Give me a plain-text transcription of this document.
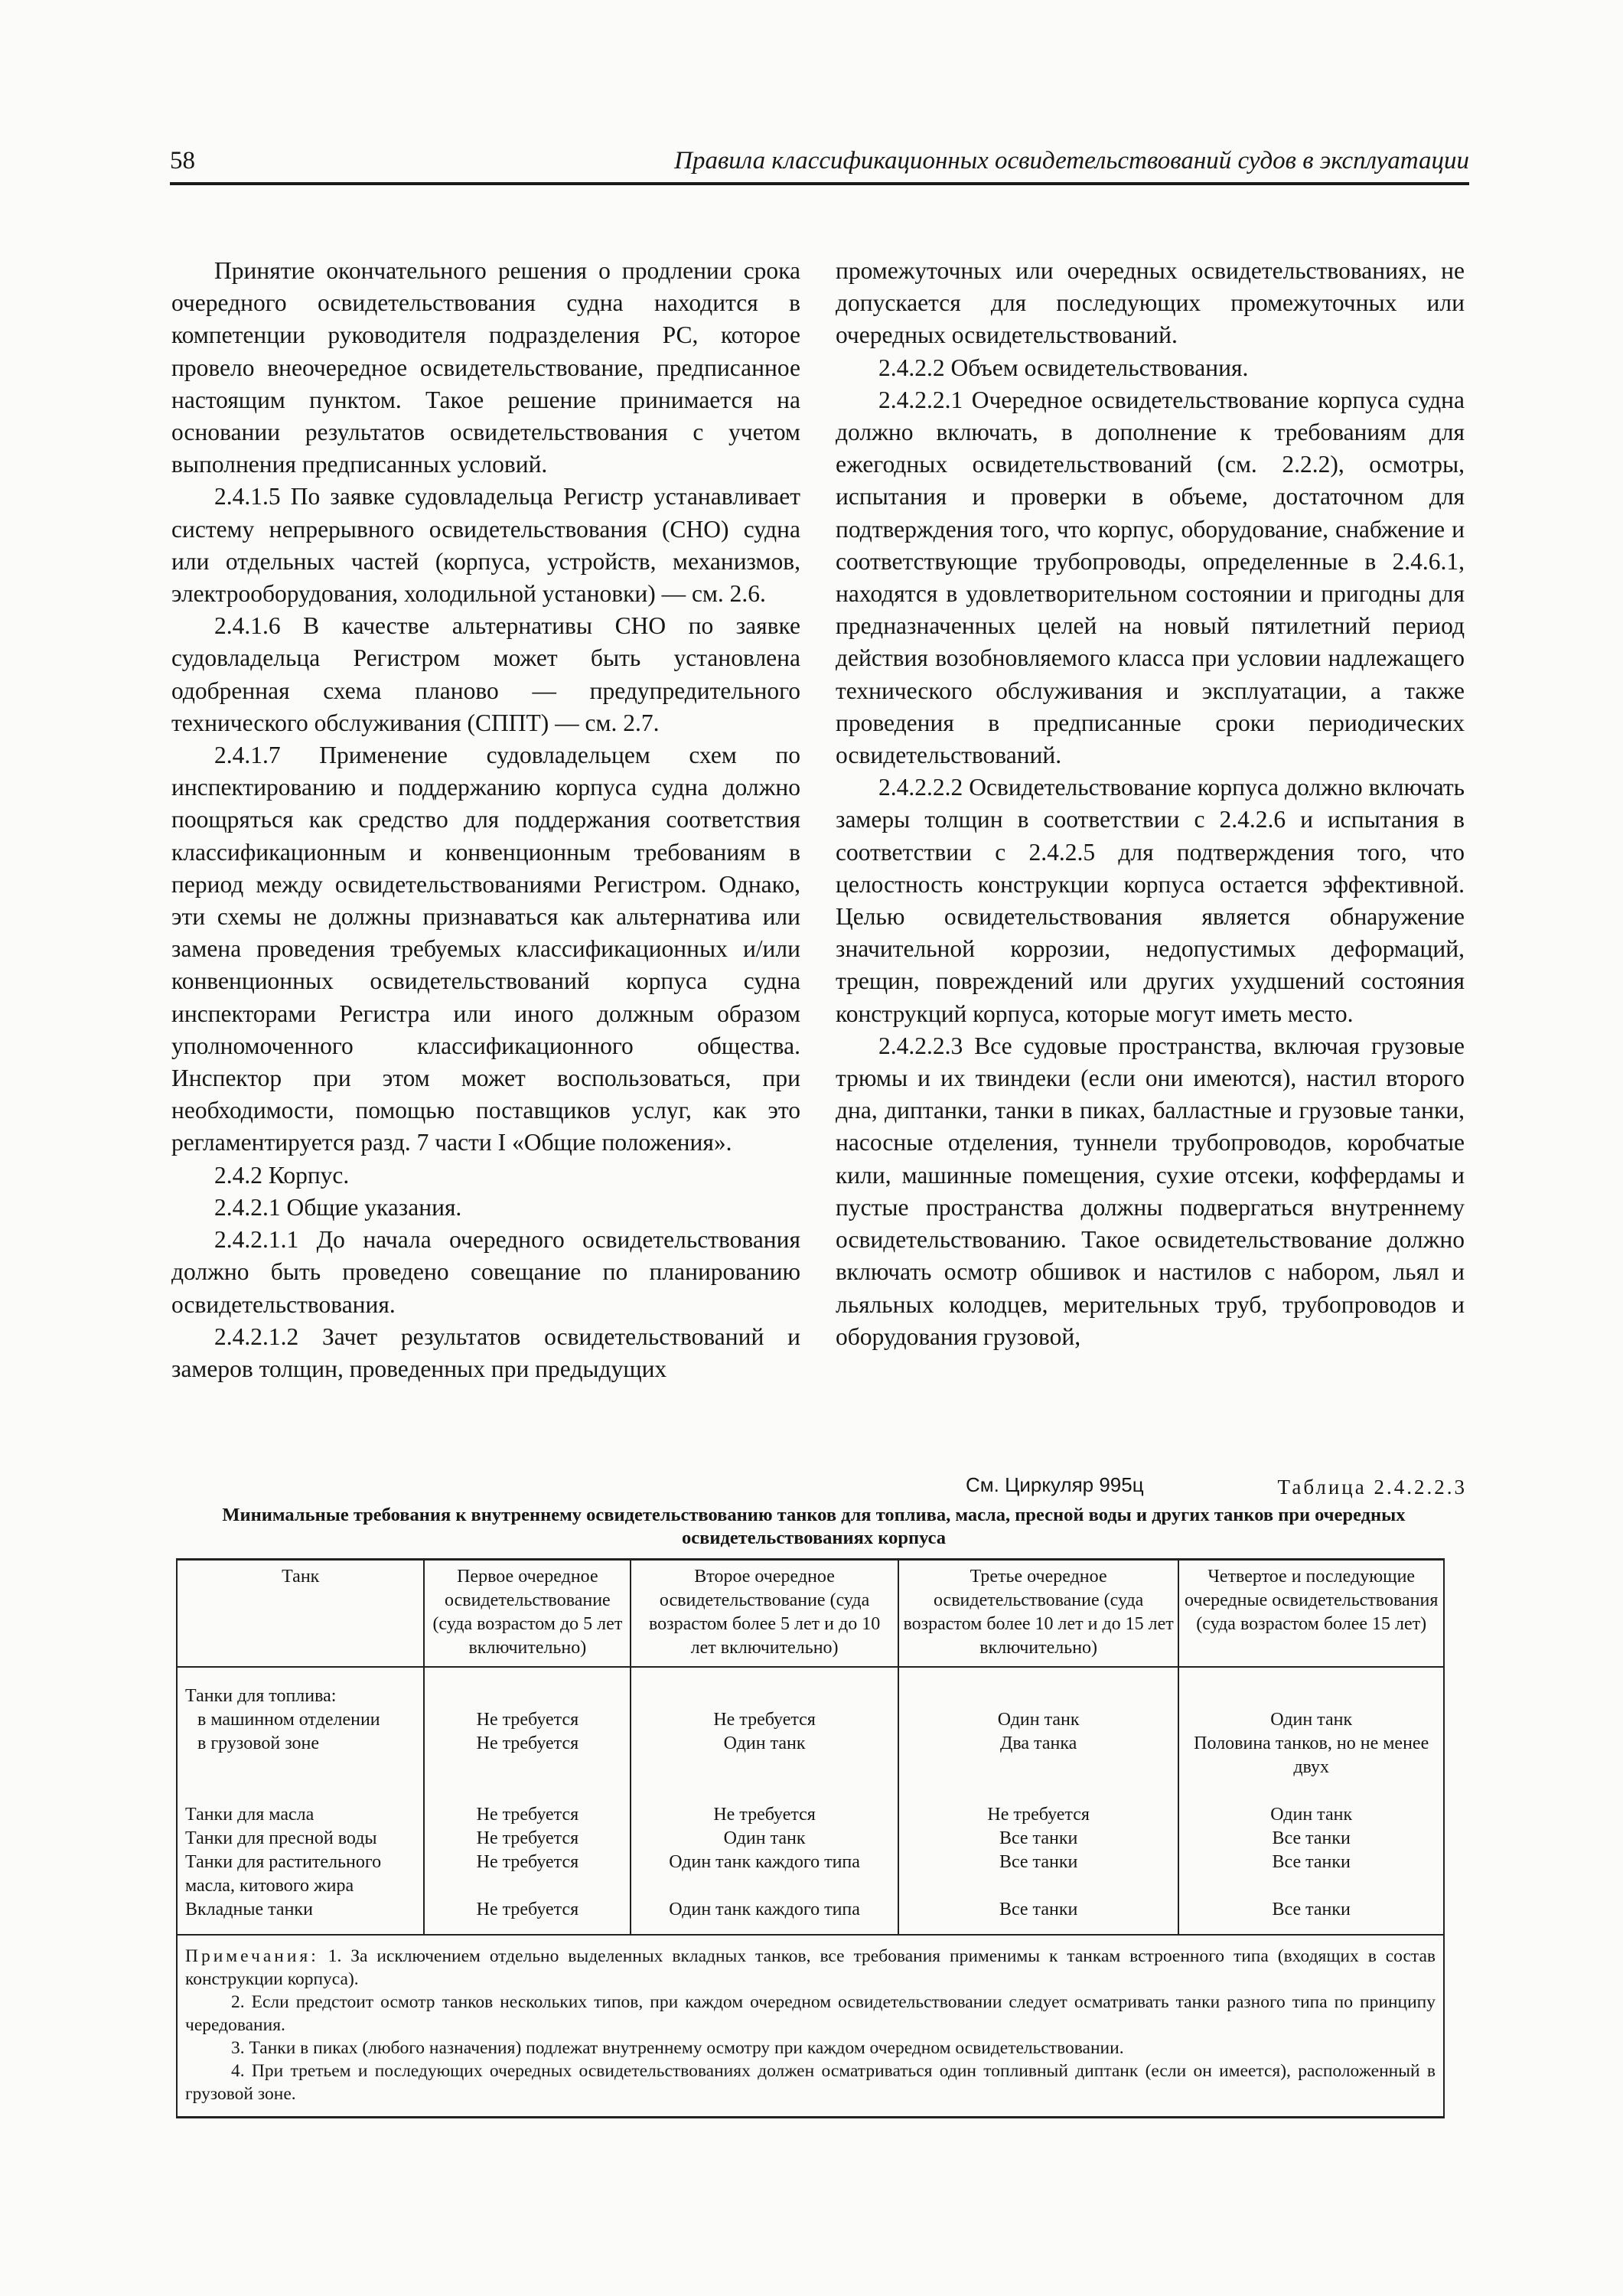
58	Правила классификационных освидетельствований судов в эксплуатации

Принятие окончательного решения о продлении срока очередного освидетельствования судна находится в компетенции руководителя подразделения РС, которое провело внеочередное освидетельствование, предписанное настоящим пунктом. Такое решение принимается на основании результатов освидетельствования с учетом выполнения предписанных условий.

2.4.1.5 По заявке судовладельца Регистр устанавливает систему непрерывного освидетельствования (СНО) судна или отдельных частей (корпуса, устройств, механизмов, электрооборудования, холодильной установки) — см. 2.6.

2.4.1.6 В качестве альтернативы СНО по заявке судовладельца Регистром может быть установлена одобренная схема планово — предупредительного технического обслуживания (СППТ) — см. 2.7.

2.4.1.7 Применение судовладельцем схем по инспектированию и поддержанию корпуса судна должно поощряться как средство для поддержания соответствия классификационным и конвенционным требованиям в период между освидетельствованиями Регистром. Однако, эти схемы не должны признаваться как альтернатива или замена проведения требуемых классификационных и/или конвенционных освидетельствований корпуса судна инспекторами Регистра или иного должным образом уполномоченного классификационного общества. Инспектор при этом может воспользоваться, при необходимости, помощью поставщиков услуг, как это регламентируется разд. 7 части I «Общие положения».

2.4.2 Корпус.

2.4.2.1 Общие указания.

2.4.2.1.1 До начала очередного освидетельствования должно быть проведено совещание по планированию освидетельствования.

2.4.2.1.2 Зачет результатов освидетельствований и замеров толщин, проведенных при предыдущих

промежуточных или очередных освидетельствованиях, не допускается для последующих промежуточных или очередных освидетельствований.

2.4.2.2 Объем освидетельствования.

2.4.2.2.1 Очередное освидетельствование корпуса судна должно включать, в дополнение к требованиям для ежегодных освидетельствований (см. 2.2.2), осмотры, испытания и проверки в объеме, достаточном для подтверждения того, что корпус, оборудование, снабжение и соответствующие трубопроводы, определенные в 2.4.6.1, находятся в удовлетворительном состоянии и пригодны для предназначенных целей на новый пятилетний период действия возобновляемого класса при условии надлежащего технического обслуживания и эксплуатации, а также проведения в предписанные сроки периодических освидетельствований.

2.4.2.2.2 Освидетельствование корпуса должно включать замеры толщин в соответствии с 2.4.2.6 и испытания в соответствии с 2.4.2.5 для подтверждения того, что целостность конструкции корпуса остается эффективной. Целью освидетельствования является обнаружение значительной коррозии, недопустимых деформаций, трещин, повреждений или других ухудшений состояния конструкций корпуса, которые могут иметь место.

2.4.2.2.3 Все судовые пространства, включая грузовые трюмы и их твиндеки (если они имеются), настил второго дна, диптанки, танки в пиках, балластные и грузовые танки, насосные отделения, туннели трубопроводов, коробчатые кили, машинные помещения, сухие отсеки, коффердамы и пустые пространства должны подвергаться внутреннему освидетельствованию. Такое освидетельствование должно включать осмотр обшивок и настилов с набором, льял и льяльных колодцев, мерительных труб, трубопроводов и оборудования грузовой,

См. Циркуляр 995ц	Таблица 2.4.2.2.3
Минимальные требования к внутреннему освидетельствованию танков для топлива, масла, пресной воды и других танков при очередных освидетельствованиях корпуса
Танк	Первое очередное освидетельствование (суда возрастом до 5 лет включительно)	Второе очередное освидетельствование (суда возрастом более 5 лет и до 10 лет включительно)	Третье очередное освидетельствование (суда возрастом более 10 лет и до 15 лет включительно)	Четвертое и последующие очередные освидетельствования (суда возрастом более 15 лет)
Танки для топлива:				
в машинном отделении	Не требуется	Не требуется	Один танк	Один танк
в грузовой зоне	Не требуется	Один танк	Два танка	Половина танков, но не менее двух
Танки для масла	Не требуется	Не требуется	Не требуется	Один танк
Танки для пресной воды	Не требуется	Один танк	Все танки	Все танки
Танки для растительного масла, китового жира	Не требуется	Один танк каждого типа	Все танки	Все танки
Вкладные танки	Не требуется	Один танк каждого типа	Все танки	Все танки

Примечания: 1. За исключением отдельно выделенных вкладных танков, все требования применимы к танкам встроенного типа (входящих в состав конструкции корпуса).

2. Если предстоит осмотр танков нескольких типов, при каждом очередном освидетельствовании следует осматривать танки разного типа по принципу чередования.

3. Танки в пиках (любого назначения) подлежат внутреннему осмотру при каждом очередном освидетельствовании.

4. При третьем и последующих очередных освидетельствованиях должен осматриваться один топливный диптанк (если он имеется), расположенный в грузовой зоне.				
